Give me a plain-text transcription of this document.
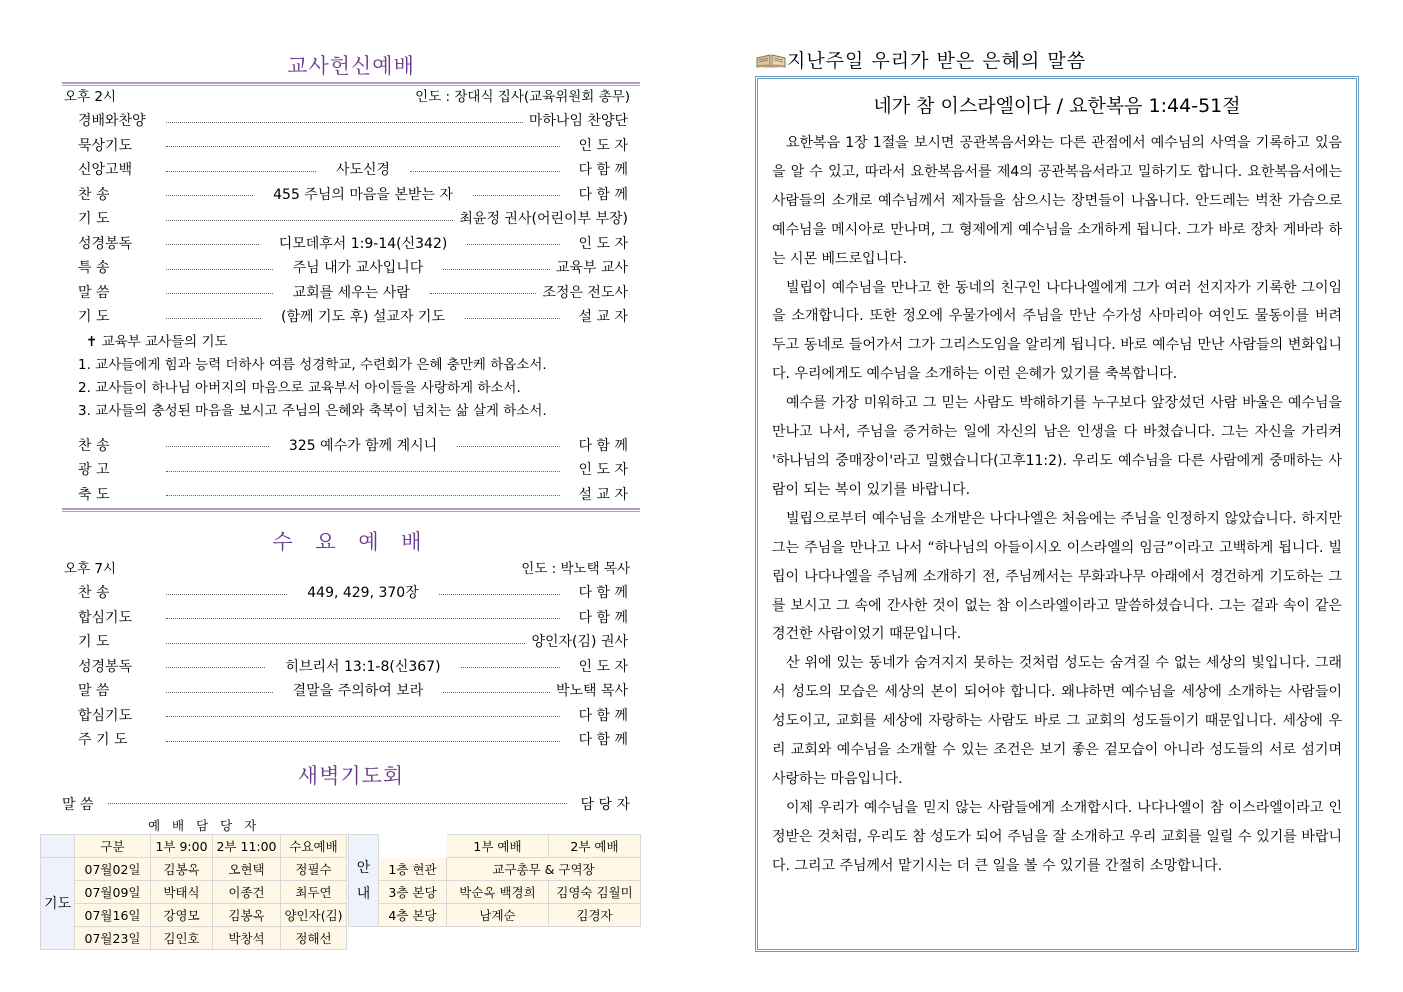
교사헌신예배
오후 2시	인도 : 장대식 집사(교육위원회 총무)
경배와찬양	마하나임 찬양단
묵상기도	인 도 자
신앙고백	사도신경	다 함 께
찬 송	455 주님의 마음을 본받는 자	다 함 께
기 도	최윤정 권사(어린이부 부장)
성경봉독	디모데후서 1:9-14(신342)	인 도 자
특 송	주님 내가 교사입니다	교육부 교사
말 씀	교회를 세우는 사람	조정은 전도사
기 도	(함께 기도 후) 설교자 기도	설 교 자
✝ 교육부 교사들의 기도
1. 교사들에게 힘과 능력 더하사 여름 성경학교, 수련회가 은혜 충만케 하옵소서.
2. 교사들이 하나님 아버지의 마음으로 교육부서 아이들을 사랑하게 하소서.
3. 교사들의 충성된 마음을 보시고 주님의 은혜와 축복이 넘치는 삶 살게 하소서.
찬 송	325 예수가 함께 계시니	다 함 께
광 고	인 도 자
축 도	설 교 자
수 요 예 배
오후 7시	인도 : 박노택 목사
찬 송	449, 429, 370장	다 함 께
합심기도	다 함 께
기 도	양인자(김) 권사
성경봉독	히브리서 13:1-8(신367)	인 도 자
말 씀	결말을 주의하여 보라	박노택 목사
합심기도	다 함 께
주 기 도	다 함 께
새벽기도회
말 씀	담 당 자
예 배 담 당 자
	구분	1부 9:00	2부 11:00	수요예배
기도	07월02일	김봉옥	오현택	정필수
	07월09일	박태식	이종건	최두연
	07월16일	강영모	김봉옥	양인자(김)
	07월23일	김인호	박창석	정해선
안내		1부 예배	2부 예배
	1층 현관	교구총무 & 구역장	
	3층 본당	박순옥 백경희	김영숙 김월미
	4층 본당	남계순	김경자
지난주일 우리가 받은 은혜의 말씀
네가 참 이스라엘이다 / 요한복음 1:44-51절

요한복음 1장 1절을 보시면 공관복음서와는 다른 관점에서 예수님의 사역을 기록하고 있음을 알 수 있고, 따라서 요한복음서를 제4의 공관복음서라고 밀하기도 합니다. 요한복음서에는 사람들의 소개로 예수님께서 제자들을 삼으시는 장면들이 나옵니다. 안드레는 벅찬 가슴으로 예수님을 메시아로 만나며, 그 형제에게 예수님을 소개하게 됩니다. 그가 바로 장차 게바라 하는 시몬 베드로입니다.

빌립이 예수님을 만나고 한 동네의 친구인 나다나엘에게 그가 여러 선지자가 기록한 그이임을 소개합니다. 또한 정오에 우물가에서 주님을 만난 수가성 사마리아 여인도 물동이를 버려 두고 동네로 들어가서 그가 그리스도임을 알리게 됩니다. 바로 예수님 만난 사람들의 변화입니다. 우리에게도 예수님을 소개하는 이런 은혜가 있기를 축복합니다.

예수를 가장 미워하고 그 믿는 사람도 박해하기를 누구보다 앞장섰던 사람 바울은 예수님을 만나고 나서, 주님을 증거하는 일에 자신의 남은 인생을 다 바쳤습니다. 그는 자신을 가리켜 '하나님의 중매장이'라고 밀했습니다(고후11:2). 우리도 예수님을 다른 사람에게 중매하는 사람이 되는 복이 있기를 바랍니다.

빌립으로부터 예수님을 소개받은 나다나엘은 처음에는 주님을 인정하지 않았습니다. 하지만 그는 주님을 만나고 나서 “하나님의 아들이시오 이스라엘의 임금”이라고 고백하게 됩니다. 빌립이 나다나엘을 주님께 소개하기 전, 주님께서는 무화과나무 아래에서 경건하게 기도하는 그를 보시고 그 속에 간사한 것이 없는 참 이스라엘이라고 말씀하셨습니다. 그는 겉과 속이 같은 경건한 사람이었기 때문입니다.

산 위에 있는 동네가 숨겨지지 못하는 것처럼 성도는 숨겨질 수 없는 세상의 빛입니다. 그래서 성도의 모습은 세상의 본이 되어야 합니다. 왜냐하면 예수님을 세상에 소개하는 사람들이 성도이고, 교회를 세상에 자랑하는 사람도 바로 그 교회의 성도들이기 때문입니다. 세상에 우리 교회와 예수님을 소개할 수 있는 조건은 보기 좋은 겉모습이 아니라 성도들의 서로 섬기며 사랑하는 마음입니다.

이제 우리가 예수님을 믿지 않는 사람들에게 소개합시다. 나다나엘이 참 이스라엘이라고 인정받은 것처럼, 우리도 참 성도가 되어 주님을 잘 소개하고 우리 교회를 일릴 수 있기를 바랍니다. 그리고 주님께서 맡기시는 더 큰 일을 볼 수 있기를 간절히 소망합니다.
